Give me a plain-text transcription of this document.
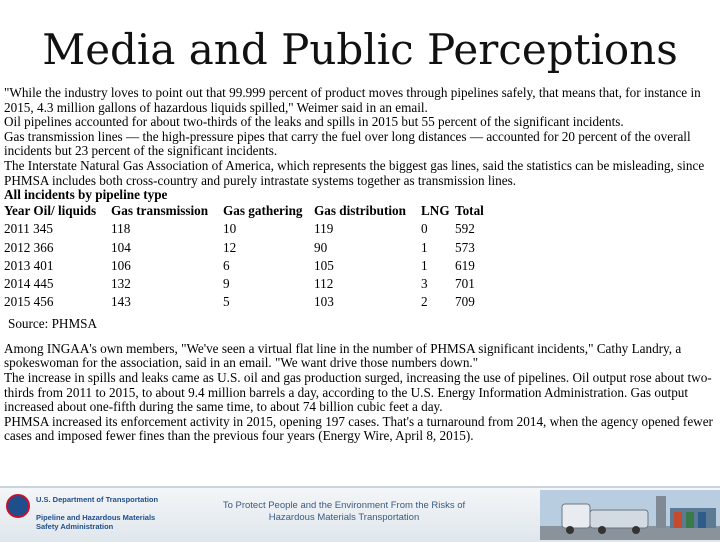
Media and Public Perceptions

"While the industry loves to point out that 99.999 percent of product moves through pipelines safely, that means that, for instance in 2015, 4.3 million gallons of hazardous liquids spilled," Weimer said in an email.

Oil pipelines accounted for about two-thirds of the leaks and spills in 2015 but 55 percent of the significant incidents.

Gas transmission lines — the high-pressure pipes that carry the fuel over long distances — accounted for 20 percent of the overall incidents but 23 percent of the significant incidents.

The Interstate Natural Gas Association of America, which represents the biggest gas lines, said the statistics can be misleading, since PHMSA includes both cross-country and purely intrastate systems together as transmission lines.

All incidents by pipeline type
Year Oil/ liquids	Gas transmission	Gas gathering	Gas distribution	LNG	Total
2011 345	118	10	119	0	592
2012 366	104	12	90	1	573
2013 401	106	6	105	1	619
2014 445	132	9	112	3	701
2015 456	143	5	103	2	709
Source: PHMSA

Among INGAA's own members, "We've seen a virtual flat line in the number of PHMSA significant incidents," Cathy Landry, a spokeswoman for the association, said in an email. "We want drive those numbers down."

The increase in spills and leaks came as U.S. oil and gas production surged, increasing the use of pipelines. Oil output rose about two-thirds from 2011 to 2015, to about 9.4 million barrels a day, according to the U.S. Energy Information Administration. Gas output increased about one-fifth during the same time, to about 74 billion cubic feet a day.

PHMSA increased its enforcement activity in 2015, opening 197 cases. That's a turnaround from 2014, when the agency opened fewer cases and imposed fewer fines than the previous four years (Energy Wire, April 8, 2015).

U.S. Department of Transportation
Pipeline and Hazardous Materials
Safety Administration
To Protect People and the Environment From the Risks of
Hazardous Materials Transportation
